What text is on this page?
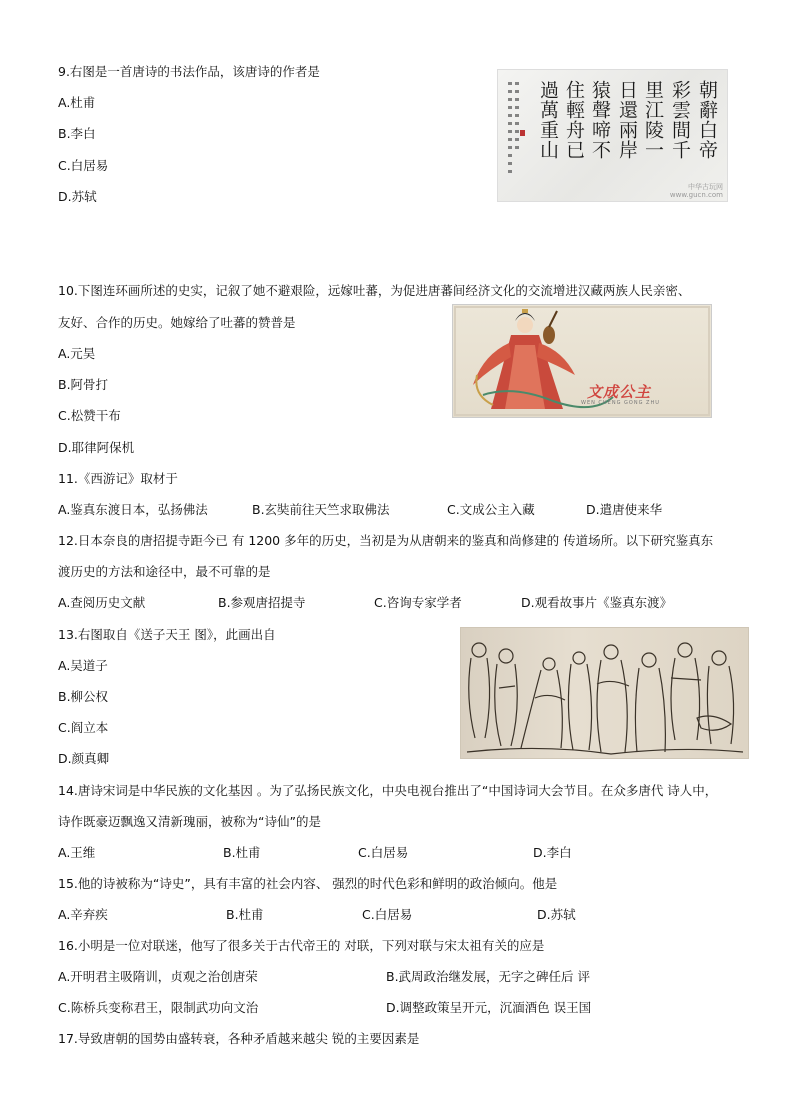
9.右图是一首唐诗的书法作品，该唐诗的作者是
A.杜甫
B.李白
C.白居易
D.苏轼
過萬重山 住輕舟已 猿聲啼不 日還兩岸 里江陵一 彩雲間千 朝辭白帝
中华古玩网
www.gucn.com
10.下图连环画所述的史实，记叙了她不避艰险，远嫁吐蕃，为促进唐蕃间经济文化的交流增进汉藏两族人民亲密、
友好、合作的历史。她嫁给了吐蕃的赞普是
A.元昊
B.阿骨打
C.松赞干布
D.耶律阿保机
文成公主
WEN CHENG GONG ZHU
11.《西游记》取材于
A.鉴真东渡日本，弘扬佛法	B.玄奘前往天竺求取佛法	C.文成公主入藏	D.遣唐使来华
12.日本奈良的唐招提寺距今已 有 1200 多年的历史，当初是为从唐朝来的鉴真和尚修建的 传道场所。以下研究鉴真东
渡历史的方法和途径中，最不可靠的是
A.查阅历史文献	B.参观唐招提寺	C.咨询专家学者	D.观看故事片《鉴真东渡》
13.右图取自《送子天王 图》，此画出自
A.吴道子
B.柳公权
C.阎立本
D.颜真卿
14.唐诗宋词是中华民族的文化基因 。为了弘扬民族文化，中央电视台推出了“中国诗词大会节目。在众多唐代 诗人中，
诗作既豪迈飘逸又清新瑰丽，被称为“诗仙”的是
A.王维	B.杜甫	C.白居易	D.李白
15.他的诗被称为“诗史”，具有丰富的社会内容、 强烈的时代色彩和鲜明的政治倾向。他是
A.辛弃疾	B.杜甫	C.白居易	D.苏轼
16.小明是一位对联迷，他写了很多关于古代帝王的 对联，下列对联与宋太祖有关的应是
A.开明君主吸隋训，贞观之治创唐荣	B.武周政治继发展，无字之碑任后 评
C.陈桥兵变称君王，限制武功向文治	D.调整政策呈开元，沉湎酒色 误王国
17.导致唐朝的国势由盛转衰，各种矛盾越来越尖 锐的主要因素是
